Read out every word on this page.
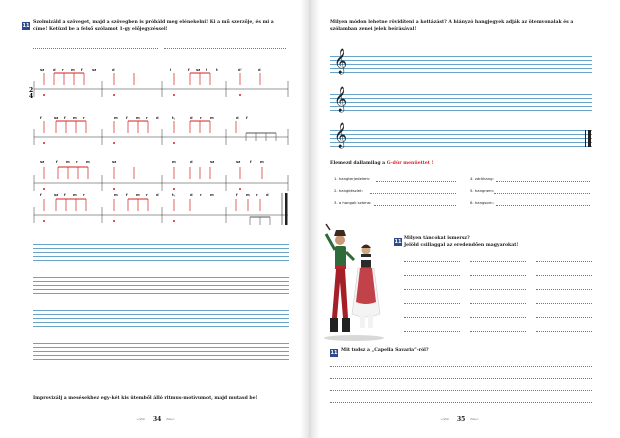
11
Szolmizáld a szöveget, majd a szövegben is próbáld meg elénekelni! Ki a mű szerzője, és mi a címe! Ketüzd be a felső szólamot 1-gy előjegyzéssel!
2
4
sz d r m f	sz	d	l	f sz l t	d'	d
f	sz f m r	m f m r d	t,	d r m	d f
sz	f m r m	sz	m	d	sz	sz	f m
f	sz f m r	m f m r d	t,	d r m	f m r d
Improvizálj a mesésekhez egy-két kis ütemből álló ritmus-motívumot, majd mutasd be!
∽∾ 34 ∾∽
Milyen módon lehetne rövidíteni a kottázást? A hiányzó hangjegyek adják az ötemvonalak és a szólamban zenei jelek beírásával!
𝄞
𝄞
𝄞
Elemezd dallamilag a G-dúr menüettet !
1. hangterjedelem:
2. hangkészlet:
3. a hangok száma:
4. záróhang:
5. hangnem:
6. hangsorn:
11
Milyen táncokat ismersz?
Jelöld csillaggal az eredendően magyarokat!
11 Mit tudsz a „Capella Savaria”-ról?
∽∾ 35 ∾∽
